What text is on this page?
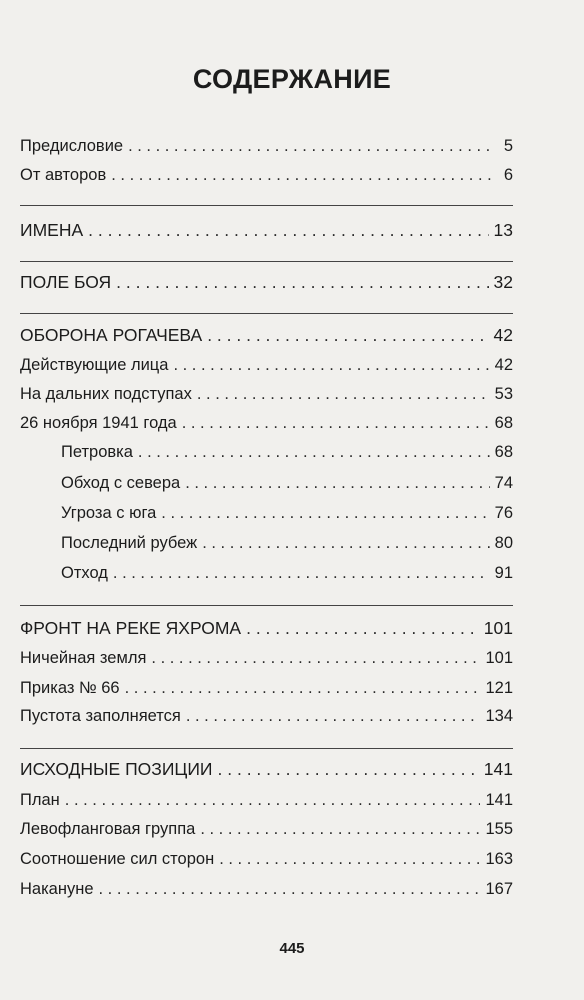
СОДЕРЖАНИЕ
Предисловие . . .	5
От авторов . . .	6
ИМЕНА . . .	13
ПОЛЕ БОЯ . . .	32
ОБОРОНА РОГАЧЕВА . . .	42
Действующие лица . . .	42
На дальних подступах . . .	53
26 ноября 1941 года . . .	68
Петровка . . .	68
Обход с севера . . .	74
Угроза с юга . . .	76
Последний рубеж . . .	80
Отход . . .	91
ФРОНТ НА РЕКЕ ЯХРОМА . . .	101
Ничейная земля . . .	101
Приказ № 66 . . .	121
Пустота заполняется . . .	134
ИСХОДНЫЕ ПОЗИЦИИ . . .	141
План . . .	141
Левофланговая группа . . .	155
Соотношение сил сторон . . .	163
Накануне . . .	167
445
